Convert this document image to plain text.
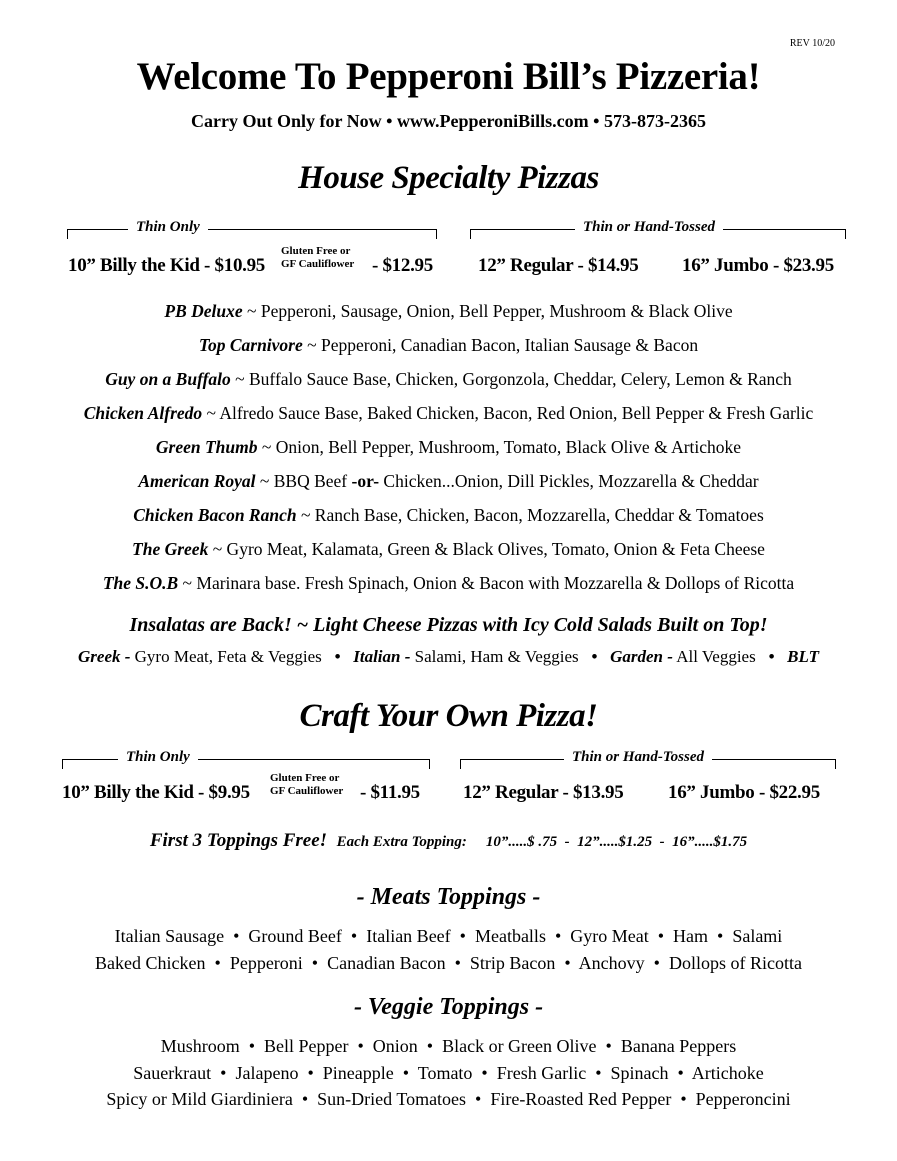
REV 10/20
Welcome To Pepperoni Bill’s Pizzeria!
Carry Out Only for Now • www.PepperoniBills.com • 573-873-2365
House Specialty Pizzas
Thin Only	Thin or Hand-Tossed
10” Billy the Kid - $10.95
Gluten Free or
GF Cauliflower - $12.95 12” Regular - $14.95 16” Jumbo - $23.95
PB Deluxe ~ Pepperoni, Sausage, Onion, Bell Pepper, Mushroom & Black Olive
Top Carnivore ~ Pepperoni, Canadian Bacon, Italian Sausage & Bacon
Guy on a Buffalo ~ Buffalo Sauce Base, Chicken, Gorgonzola, Cheddar, Celery, Lemon & Ranch
Chicken Alfredo ~ Alfredo Sauce Base, Baked Chicken, Bacon, Red Onion, Bell Pepper & Fresh Garlic
Green Thumb ~ Onion, Bell Pepper, Mushroom, Tomato, Black Olive & Artichoke
American Royal ~ BBQ Beef -or- Chicken...Onion, Dill Pickles, Mozzarella & Cheddar
Chicken Bacon Ranch ~ Ranch Base, Chicken, Bacon, Mozzarella, Cheddar & Tomatoes
The Greek ~ Gyro Meat, Kalamata, Green & Black Olives, Tomato, Onion & Feta Cheese
The S.O.B ~ Marinara base. Fresh Spinach, Onion & Bacon with Mozzarella & Dollops of Ricotta
Insalatas are Back! ~ Light Cheese Pizzas with Icy Cold Salads Built on Top!
Greek - Gyro Meat, Feta & Veggies • Italian - Salami, Ham & Veggies • Garden - All Veggies • BLT
Craft Your Own Pizza!
Thin Only	Thin or Hand-Tossed
10” Billy the Kid - $9.95
Gluten Free or
GF Cauliflower - $11.95 12” Regular - $13.95 16” Jumbo - $22.95
First 3 Toppings Free! Each Extra Topping: 10”.....$ .75  -  12”.....$1.25  -  16”.....$1.75
- Meats Toppings -
Italian Sausage  •  Ground Beef  •  Italian Beef  •  Meatballs  •  Gyro Meat  •  Ham  •  Salami
Baked Chicken  •  Pepperoni  •  Canadian Bacon  •  Strip Bacon  •  Anchovy  •  Dollops of Ricotta
- Veggie Toppings -
Mushroom  •  Bell Pepper  •  Onion  •  Black or Green Olive  •  Banana Peppers
Sauerkraut  •  Jalapeno  •  Pineapple  •  Tomato  •  Fresh Garlic  •  Spinach  •  Artichoke
Spicy or Mild Giardiniera  •  Sun-Dried Tomatoes  •  Fire-Roasted Red Pepper  •  Pepperoncini
